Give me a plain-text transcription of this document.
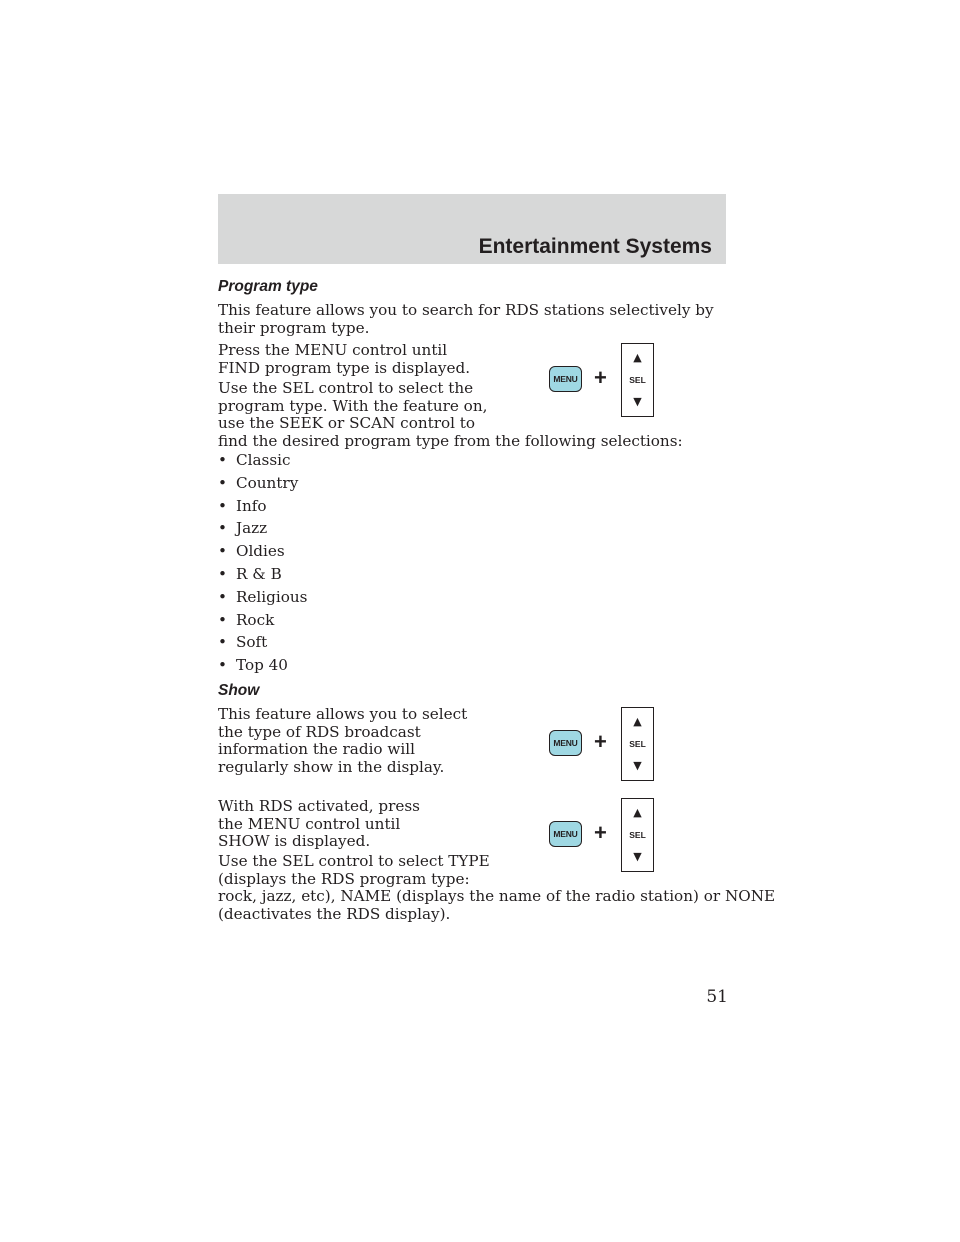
Entertainment Systems
Program type

This feature allows you to search for RDS stations selectively by their program type.

Press the MENU control until FIND program type is displayed.

Use the SEL control to select the

program type. With the feature on,

use the SEEK or SCAN control to

find the desired program type from the following selections:

MENU +
▲
SEL
▼
• Classic
• Country
• Info
• Jazz
• Oldies
• R & B
• Religious
• Rock
• Soft
• Top 40
Show

This feature allows you to select the type of RDS broadcast information the radio will regularly show in the display.

MENU +
▲
SEL
▼

With RDS activated, press the MENU control until SHOW is displayed.	MENU +
▲
SEL
▼

Use the SEL control to select TYPE

(displays the RDS program type:

rock, jazz, etc), NAME (displays the name of the radio station) or NONE

(deactivates the RDS display).

51
